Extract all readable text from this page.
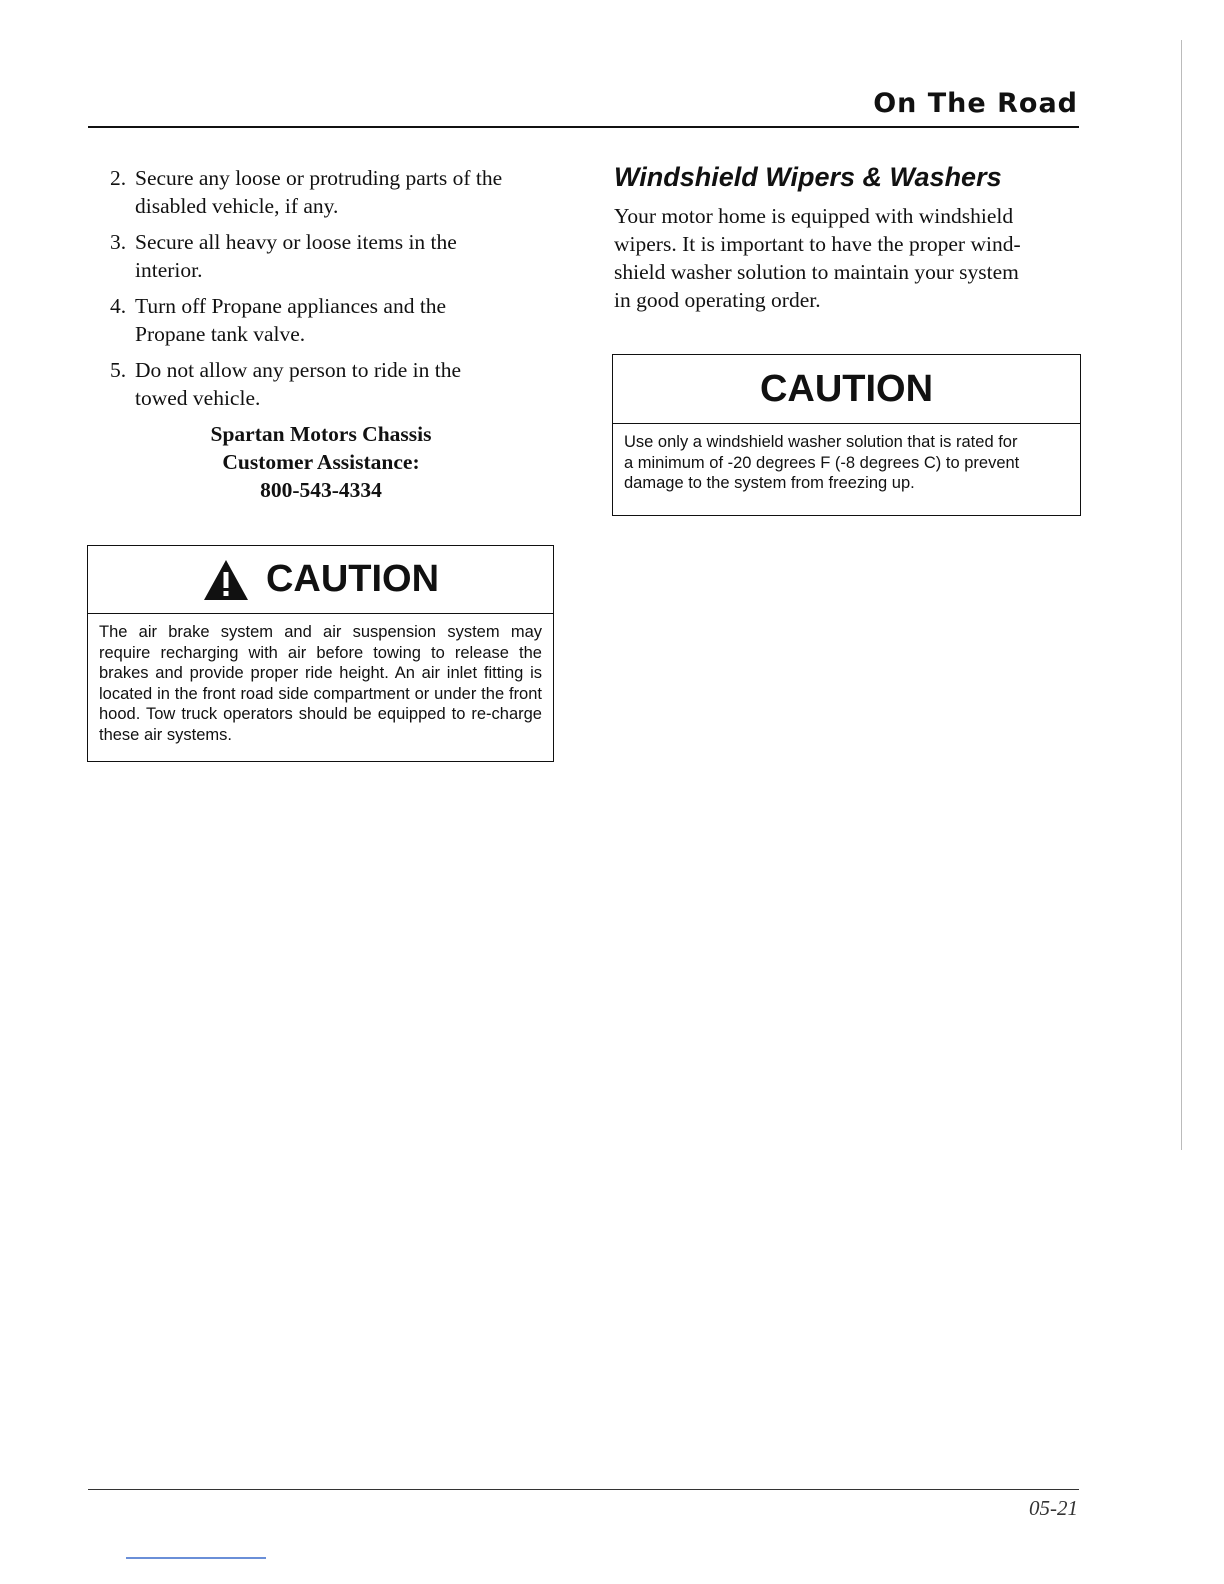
On The Road
2. Secure any loose or protruding parts of the
disabled vehicle, if any.
3. Secure all heavy or loose items in the
interior.
4. Turn off Propane appliances and the
Propane tank valve.
5. Do not allow any person to ride in the
towed vehicle.
Spartan Motors Chassis
Customer Assistance:
800-543-4334
CAUTION
The air brake system and air suspension system may require recharging with air before towing to release the brakes and provide proper ride height. An air inlet fitting is located in the front road side compartment or under the front hood. Tow truck operators should be equipped to re-charge these air systems.
Windshield Wipers & Washers
Your motor home is equipped with windshield
wipers. It is important to have the proper wind-
shield washer solution to maintain your system
in good operating order.
CAUTION
Use only a windshield washer solution that is rated for
a minimum of -20 degrees F (-8 degrees C) to prevent
damage to the system from freezing up.
05-21
